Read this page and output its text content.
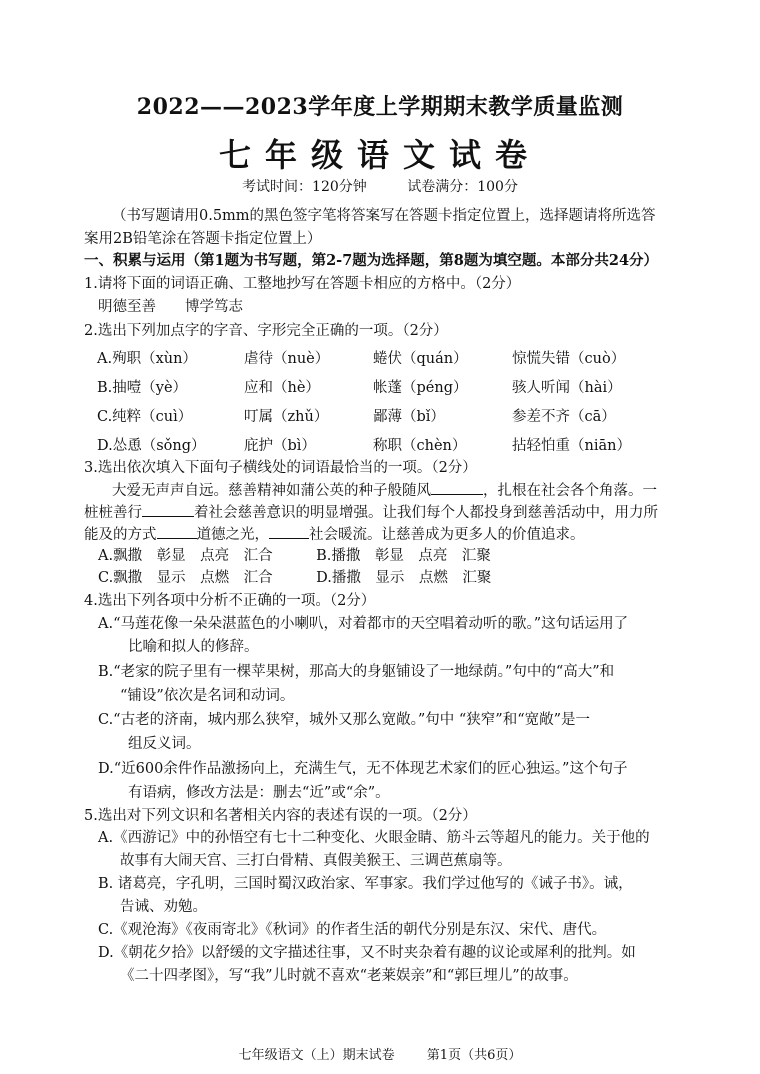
2022——2023学年度上学期期末教学质量监测
七年级语文试卷
考试时间：120分钟	试卷满分：100分
（书写题请用0.5mm的黑色签字笔将答案写在答题卡指定位置上，选择题请将所选答
案用2B铅笔涂在答题卡指定位置上）
一、积累与运用（第1题为书写题，第2-7题为选择题，第8题为填空题。本部分共24分）
1.请将下面的词语正确、工整地抄写在答题卡相应的方格中。（2分）
明德至善　　博学笃志
2.选出下列加点字的字音、字形完全正确的一项。（2分）
A.殉职（xùn）	虐待（nuè）	蜷伏（quán）	惊慌失错（cuò）
B.抽噎（yè）	应和（hè）	帐蓬（péng）	骇人听闻（hài）
C.纯粹（cuì）	叮属（zhǔ）	鄙薄（bǐ）	参差不齐（cā）
D.怂恿（sǒng）	庇护（bì）	称职（chèn）	拈轻怕重（niān）
3.选出依次填入下面句子横线处的词语最恰当的一项。（2分）
大爱无声声自远。慈善精神如蒲公英的种子般随风	，扎根在社会各个角落。一
桩桩善行	着社会慈善意识的明显增强。让我们每个人都投身到慈善活动中，用力所
能及的方式	道德之光，	社会暖流。让慈善成为更多人的价值追求。
A.飘撒　彰显　点亮　汇合　　　B.播撒　彰显　点亮　汇聚
C.飘撒　显示　点燃　汇合　　　D.播撒　显示　点燃　汇聚
4.选出下列各项中分析不正确的一项。（2分）
A.“马莲花像一朵朵湛蓝色的小喇叭，对着都市的天空唱着动听的歌。”这句话运用了
比喻和拟人的修辞。
B.“老家的院子里有一棵苹果树，那高大的身躯铺设了一地绿荫。”句中的“高大”和
“铺设”依次是名词和动词。
C.“古老的济南，城内那么狭窄，城外又那么宽敞。”句中 “狭窄”和“宽敞”是一
组反义词。
D.“近600余件作品激扬向上，充满生气，无不体现艺术家们的匠心独运。”这个句子
有语病，修改方法是：删去“近”或“余”。
5.选出对下列文识和名著相关内容的表述有误的一项。（2分）
A.《西游记》中的孙悟空有七十二种变化、火眼金睛、筋斗云等超凡的能力。关于他的
故事有大闹天宫、三打白骨精、真假美猴王、三调芭蕉扇等。
B. 诸葛亮，字孔明，三国时蜀汉政治家、军事家。我们学过他写的《诫子书》。诫，
告诫、劝勉。
C.《观沧海》《夜雨寄北》《秋词》的作者生活的朝代分别是东汉、宋代、唐代。
D.《朝花夕拾》以舒缓的文字描述往事，又不时夹杂着有趣的议论或犀利的批判。如
《二十四孝图》，写“我”儿时就不喜欢“老莱娱亲”和“郭巨埋儿”的故事。
七年级语文（上）期末试卷 第1页（共6页）
